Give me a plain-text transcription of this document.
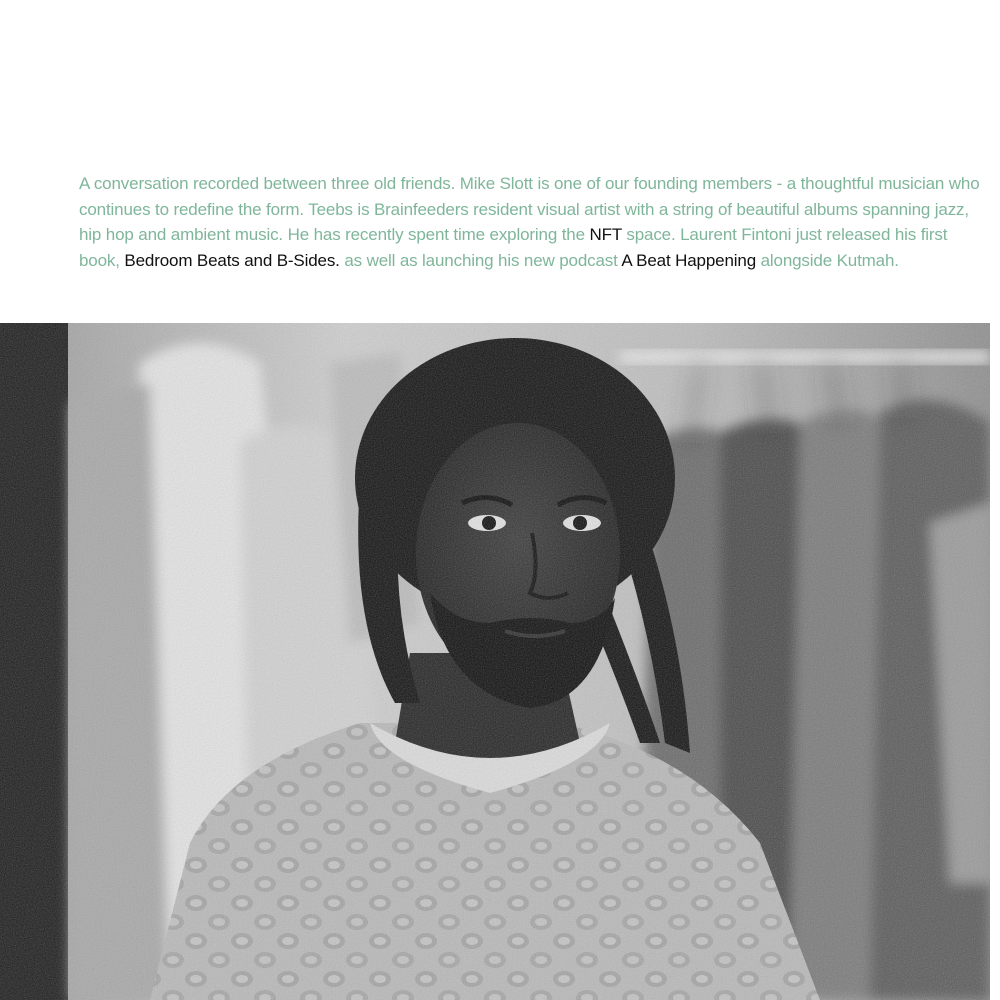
A conversation recorded between three old friends. Mike Slott is one of our founding members - a thoughtful musician who continues to redefine the form. Teebs is Brainfeeders resident visual artist with a string of beautiful albums spanning jazz, hip hop and ambient music. He has recently spent time exploring the NFT space. Laurent Fintoni just released his first book, Bedroom Beats and B-Sides. as well as launching his new podcast A Beat Happening alongside Kutmah.
